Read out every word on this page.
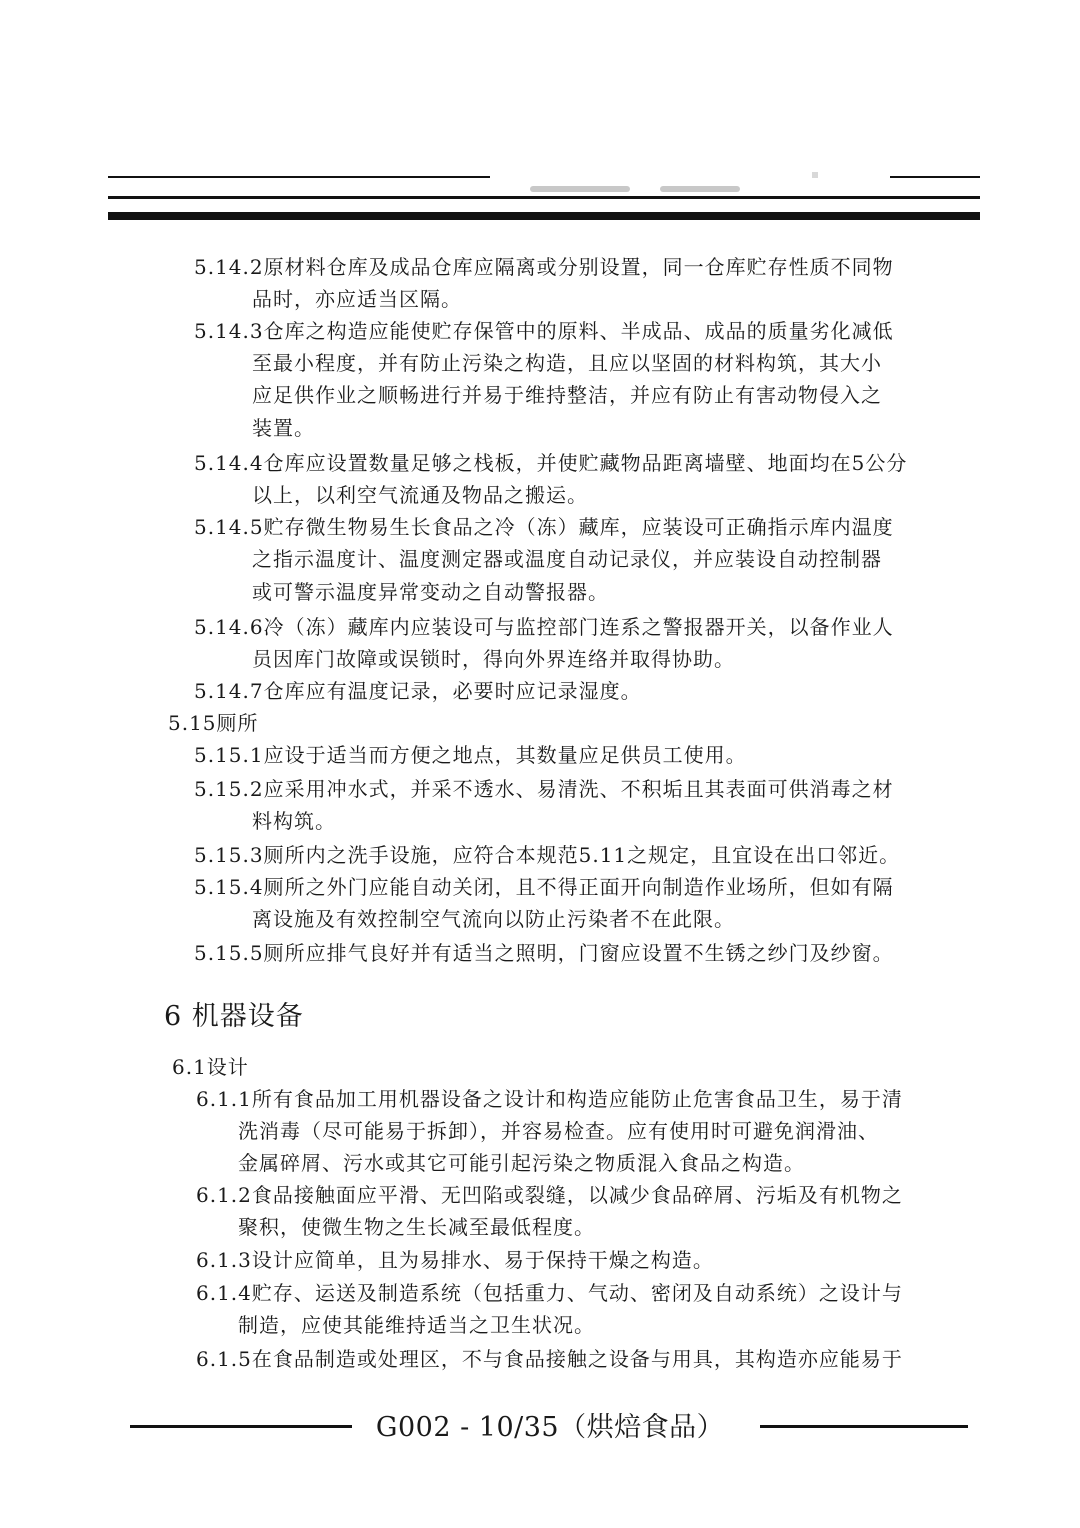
5.14.2原材料仓库及成品仓库应隔离或分别设置，同一仓库贮存性质不同物
品时，亦应适当区隔。
5.14.3仓库之构造应能使贮存保管中的原料、半成品、成品的质量劣化减低
至最小程度，并有防止污染之构造，且应以坚固的材料构筑，其大小
应足供作业之顺畅进行并易于维持整洁，并应有防止有害动物侵入之
装置。
5.14.4仓库应设置数量足够之栈板，并使贮藏物品距离墙壁、地面均在5公分
以上，以利空气流通及物品之搬运。
5.14.5贮存微生物易生长食品之冷（冻）藏库，应装设可正确指示库内温度
之指示温度计、温度测定器或温度自动记录仪，并应装设自动控制器
或可警示温度异常变动之自动警报器。
5.14.6冷（冻）藏库内应装设可与监控部门连系之警报器开关，以备作业人
员因库门故障或误锁时，得向外界连络并取得协助。
5.14.7仓库应有温度记录，必要时应记录湿度。
5.15厕所
5.15.1应设于适当而方便之地点，其数量应足供员工使用。
5.15.2应采用冲水式，并采不透水、易清洗、不积垢且其表面可供消毒之材
料构筑。
5.15.3厕所内之洗手设施，应符合本规范5.11之规定，且宜设在出口邻近。
5.15.4厕所之外门应能自动关闭，且不得正面开向制造作业场所，但如有隔
离设施及有效控制空气流向以防止污染者不在此限。
5.15.5厕所应排气良好并有适当之照明，门窗应设置不生锈之纱门及纱窗。
6 机器设备
6.1设计
6.1.1所有食品加工用机器设备之设计和构造应能防止危害食品卫生，易于清
洗消毒（尽可能易于拆卸），并容易检查。应有使用时可避免润滑油、
金属碎屑、污水或其它可能引起污染之物质混入食品之构造。
6.1.2食品接触面应平滑、无凹陷或裂缝，以减少食品碎屑、污垢及有机物之
聚积，使微生物之生长减至最低程度。
6.1.3设计应简单，且为易排水、易于保持干燥之构造。
6.1.4贮存、运送及制造系统（包括重力、气动、密闭及自动系统）之设计与
制造，应使其能维持适当之卫生状况。
6.1.5在食品制造或处理区，不与食品接触之设备与用具，其构造亦应能易于
G002 - 10/35（烘焙食品）
